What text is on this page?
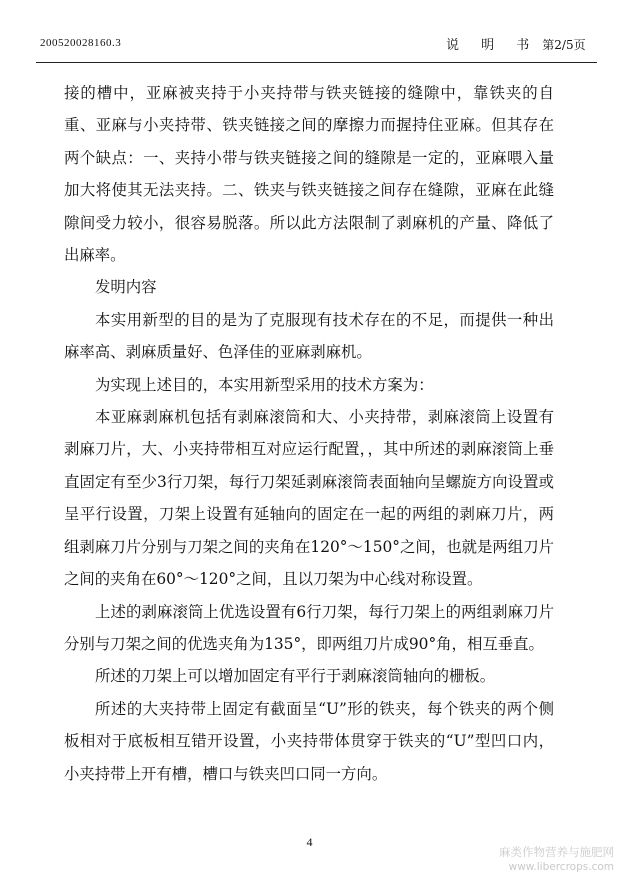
200520028160.3	说 明 书 第2/5页

接的槽中，亚麻被夹持于小夹持带与铁夹链接的缝隙中，靠铁夹的自重、亚麻与小夹持带、铁夹链接之间的摩擦力而握持住亚麻。但其存在两个缺点：一、夹持小带与铁夹链接之间的缝隙是一定的，亚麻喂入量加大将使其无法夹持。二、铁夹与铁夹链接之间存在缝隙，亚麻在此缝隙间受力较小，很容易脱落。所以此方法限制了剥麻机的产量、降低了出麻率。

发明内容

本实用新型的目的是为了克服现有技术存在的不足，而提供一种出麻率高、剥麻质量好、色泽佳的亚麻剥麻机。

为实现上述目的，本实用新型采用的技术方案为：

本亚麻剥麻机包括有剥麻滚筒和大、小夹持带，剥麻滚筒上设置有剥麻刀片，大、小夹持带相互对应运行配置，，其中所述的剥麻滚筒上垂直固定有至少3行刀架，每行刀架延剥麻滚筒表面轴向呈螺旋方向设置或呈平行设置，刀架上设置有延轴向的固定在一起的两组的剥麻刀片，两组剥麻刀片分别与刀架之间的夹角在120°～150°之间，也就是两组刀片之间的夹角在60°～120°之间，且以刀架为中心线对称设置。

上述的剥麻滚筒上优选设置有6行刀架，每行刀架上的两组剥麻刀片分别与刀架之间的优选夹角为135°，即两组刀片成90°角，相互垂直。

所述的刀架上可以增加固定有平行于剥麻滚筒轴向的栅板。

所述的大夹持带上固定有截面呈“U”形的铁夹，每个铁夹的两个侧板相对于底板相互错开设置，小夹持带体贯穿于铁夹的“U”型凹口内，小夹持带上开有槽，槽口与铁夹凹口同一方向。

4
麻类作物营养与施肥网
www.libercrops.com
